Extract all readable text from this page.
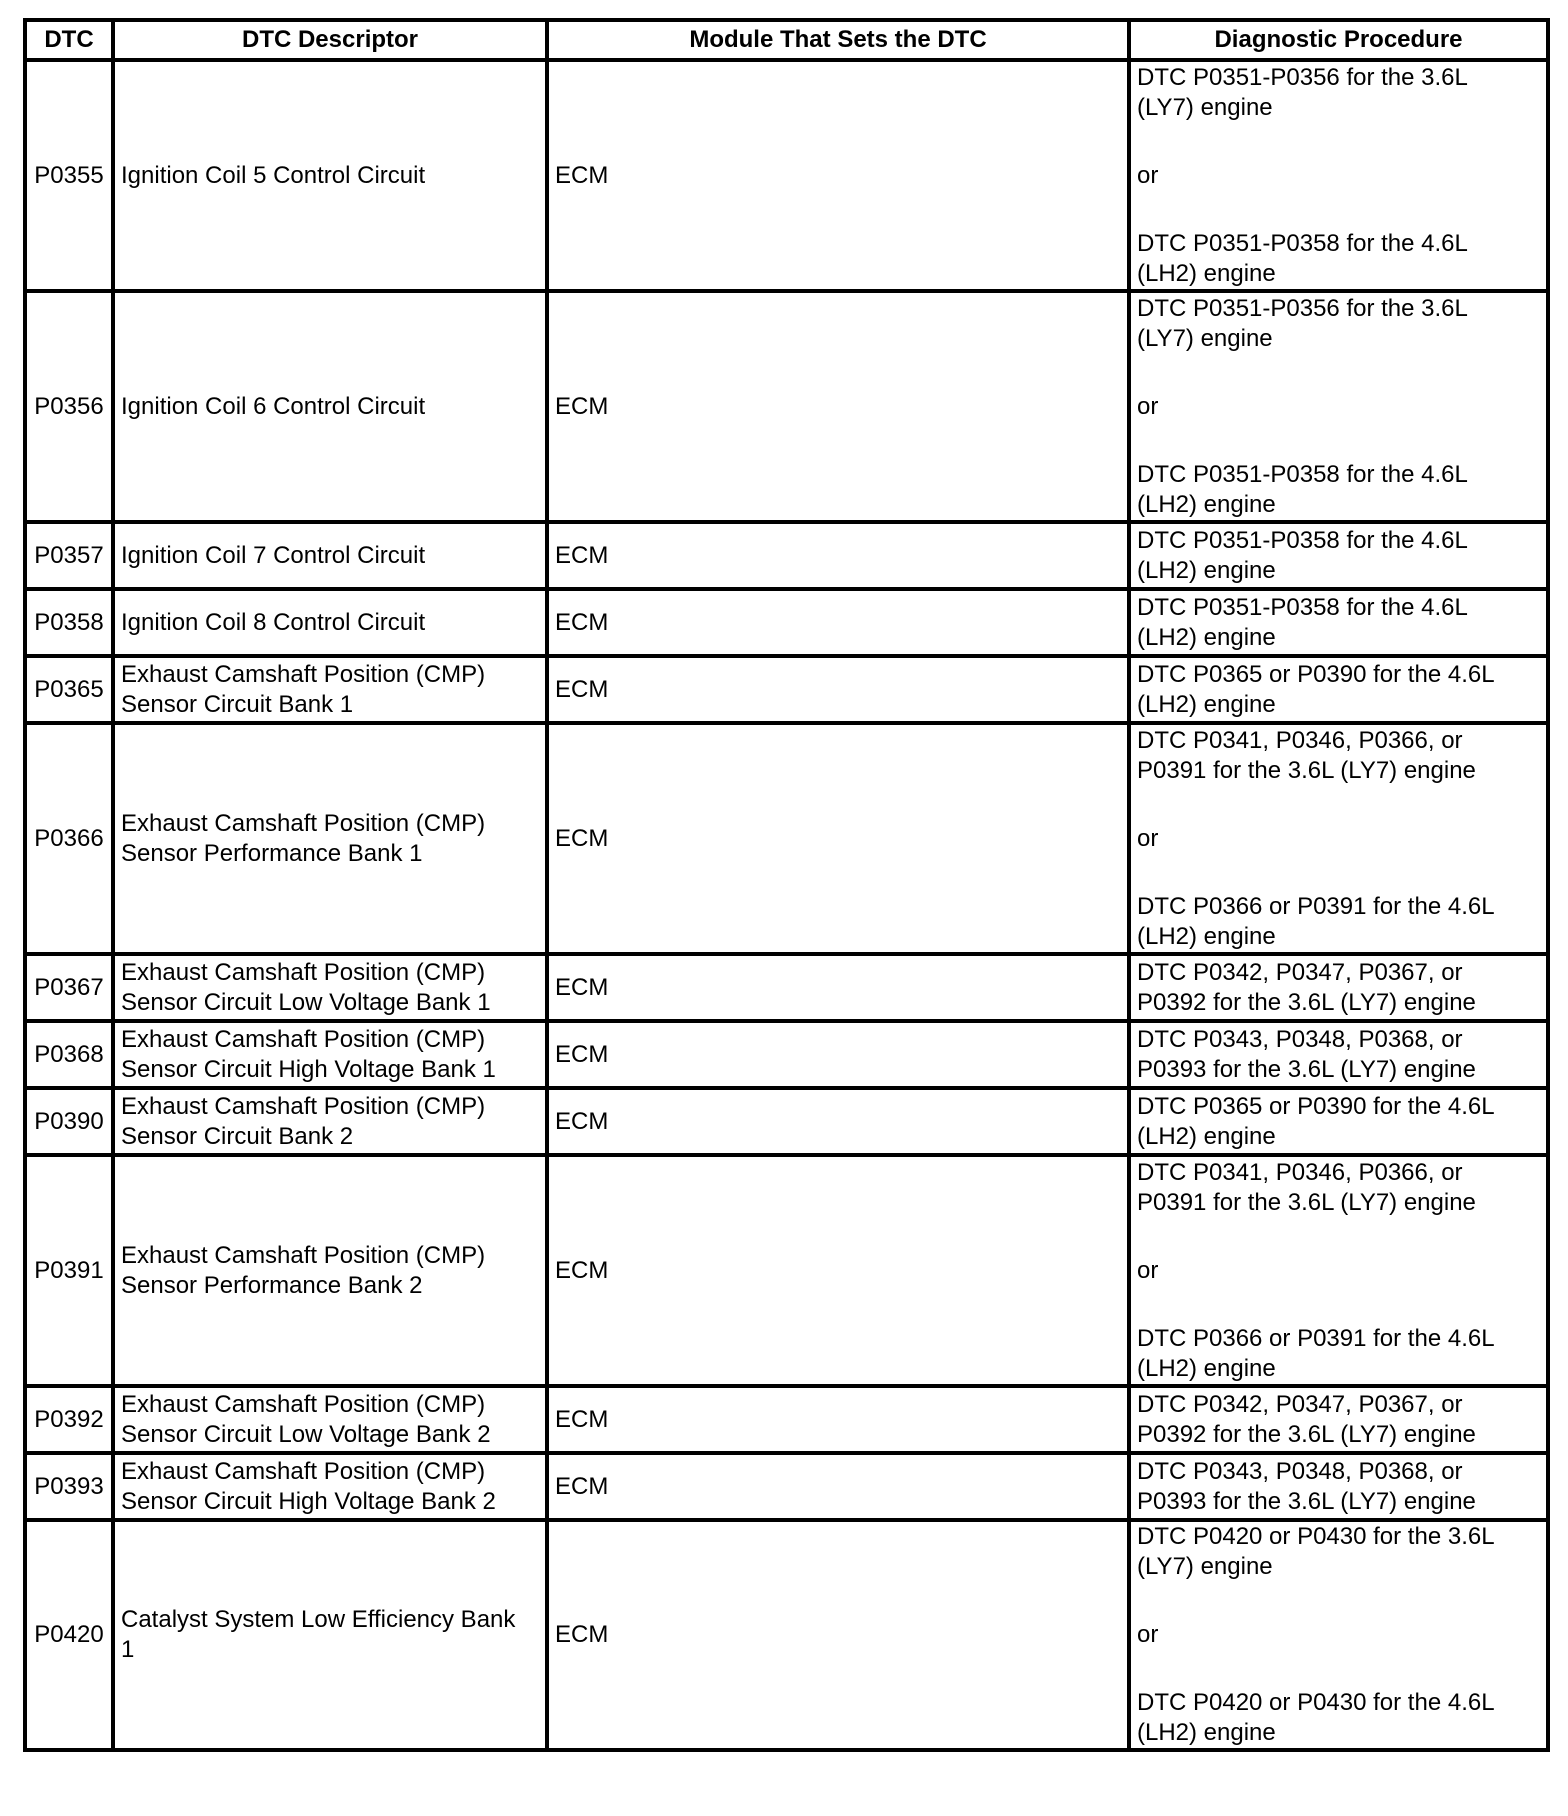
DTC	DTC Descriptor	Module That Sets the DTC	Diagnostic Procedure
P0355	Ignition Coil 5 Control Circuit	ECM	DTC P0351-P0356 for the 3.6L
(LY7) engine
or
DTC P0351-P0358 for the 4.6L
(LH2) engine

P0356	Ignition Coil 6 Control Circuit	ECM	DTC P0351-P0356 for the 3.6L
(LY7) engine
or
DTC P0351-P0358 for the 4.6L
(LH2) engine

P0357	Ignition Coil 7 Control Circuit	ECM	DTC P0351-P0358 for the 4.6L
(LH2) engine

P0358	Ignition Coil 8 Control Circuit	ECM	DTC P0351-P0358 for the 4.6L
(LH2) engine

P0365	Exhaust Camshaft Position (CMP)
Sensor Circuit Bank 1	ECM	DTC P0365 or P0390 for the 4.6L
(LH2) engine

P0366	Exhaust Camshaft Position (CMP)
Sensor Performance Bank 1	ECM	DTC P0341, P0346, P0366, or
P0391 for the 3.6L (LY7) engine
or
DTC P0366 or P0391 for the 4.6L
(LH2) engine

P0367	Exhaust Camshaft Position (CMP)
Sensor Circuit Low Voltage Bank 1	ECM	DTC P0342, P0347, P0367, or
P0392 for the 3.6L (LY7) engine

P0368	Exhaust Camshaft Position (CMP)
Sensor Circuit High Voltage Bank 1	ECM	DTC P0343, P0348, P0368, or
P0393 for the 3.6L (LY7) engine

P0390	Exhaust Camshaft Position (CMP)
Sensor Circuit Bank 2	ECM	DTC P0365 or P0390 for the 4.6L
(LH2) engine

P0391	Exhaust Camshaft Position (CMP)
Sensor Performance Bank 2	ECM	DTC P0341, P0346, P0366, or
P0391 for the 3.6L (LY7) engine
or
DTC P0366 or P0391 for the 4.6L
(LH2) engine

P0392	Exhaust Camshaft Position (CMP)
Sensor Circuit Low Voltage Bank 2	ECM	DTC P0342, P0347, P0367, or
P0392 for the 3.6L (LY7) engine

P0393	Exhaust Camshaft Position (CMP)
Sensor Circuit High Voltage Bank 2	ECM	DTC P0343, P0348, P0368, or
P0393 for the 3.6L (LY7) engine

P0420	Catalyst System Low Efficiency Bank
1	ECM	DTC P0420 or P0430 for the 3.6L
(LY7) engine
or
DTC P0420 or P0430 for the 4.6L
(LH2) engine
